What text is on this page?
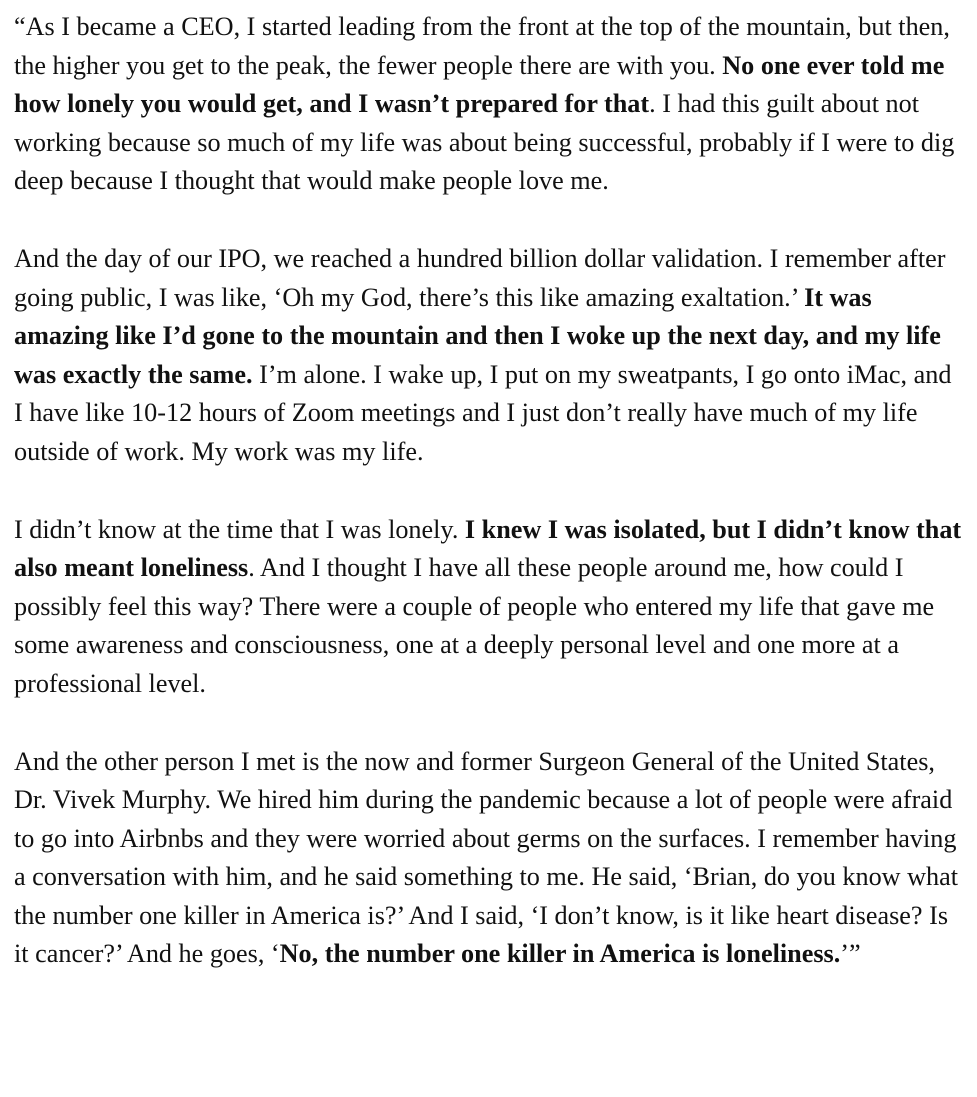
“As I became a CEO, I started leading from the front at the top of the mountain, but then, the higher you get to the peak, the fewer people there are with you. No one ever told me how lonely you would get, and I wasn’t prepared for that. I had this guilt about not working because so much of my life was about being successful, probably if I were to dig deep because I thought that would make people love me.

And the day of our IPO, we reached a hundred billion dollar validation. I remember after going public, I was like, ‘Oh my God, there’s this like amazing exaltation.’ It was amazing like I’d gone to the mountain and then I woke up the next day, and my life was exactly the same. I’m alone. I wake up, I put on my sweatpants, I go onto iMac, and I have like 10-12 hours of Zoom meetings and I just don’t really have much of my life outside of work. My work was my life.

I didn’t know at the time that I was lonely. I knew I was isolated, but I didn’t know that also meant loneliness. And I thought I have all these people around me, how could I possibly feel this way? There were a couple of people who entered my life that gave me some awareness and consciousness, one at a deeply personal level and one more at a professional level.

And the other person I met is the now and former Surgeon General of the United States, Dr. Vivek Murphy. We hired him during the pandemic because a lot of people were afraid to go into Airbnbs and they were worried about germs on the surfaces. I remember having a conversation with him, and he said something to me. He said, ‘Brian, do you know what the number one killer in America is?’ And I said, ‘I don’t know, is it like heart disease? Is it cancer?’ And he goes, ‘No, the number one killer in America is loneliness.’”
